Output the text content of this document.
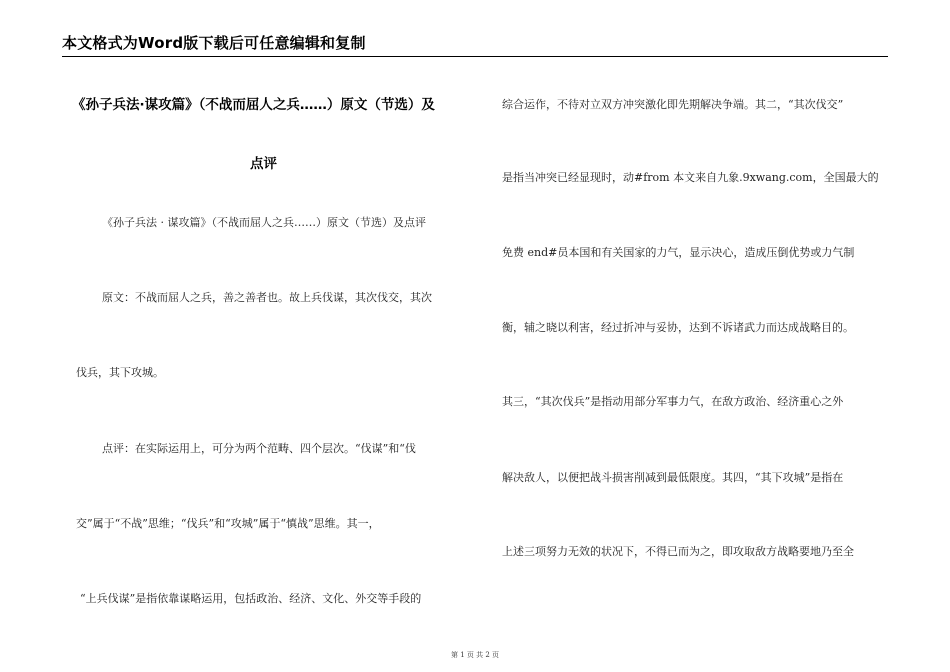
本文格式为Word版下载后可任意编辑和复制
《孙子兵法·谋攻篇》（不战而屈人之兵……）原文（节选）及
点评
《孙子兵法 · 谋攻篇》（不战而屈人之兵……）原文（节选）及点评
原文：不战而屈人之兵，善之善者也。故上兵伐谋，其次伐交，其次
伐兵，其下攻城。
点评：在实际运用上，可分为两个范畴、四个层次。“伐谋”和“伐
交”属于“不战”思维；“伐兵”和“攻城”属于“慎战”思维。其一，
“上兵伐谋”是指依靠谋略运用，包括政治、经济、文化、外交等手段的
综合运作，不待对立双方冲突激化即先期解决争端。其二，“其次伐交”
是指当冲突已经显现时，动#from 本文来自九象.9xwang.com，全国最大的
免费 end#员本国和有关国家的力气，显示决心，造成压倒优势或力气制
衡，辅之晓以利害，经过折冲与妥协，达到不诉诸武力而达成战略目的。
其三，“其次伐兵”是指动用部分军事力气，在敌方政治、经济重心之外
解决敌人，以便把战斗损害削减到最低限度。其四，“其下攻城”是指在
上述三项努力无效的状况下，不得已而为之，即攻取敌方战略要地乃至全
第 1 页 共 2 页
